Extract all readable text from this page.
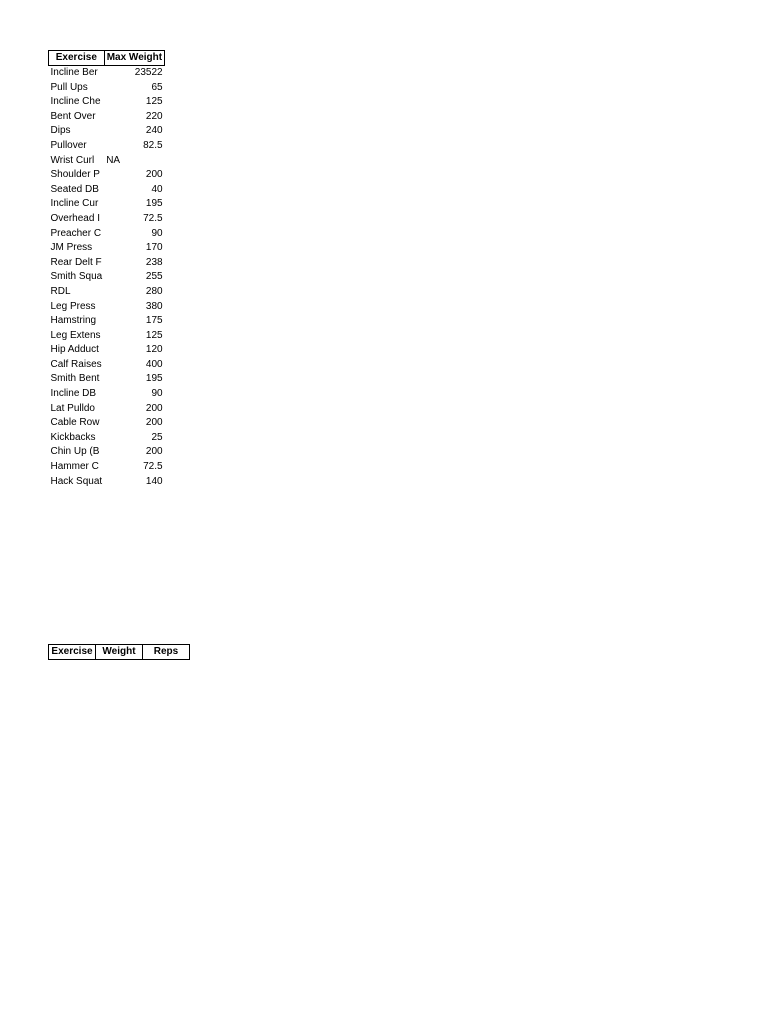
Exercise	Max Weight
Incline Ber	23522
Pull Ups	65
Incline Che	125
Bent Over	220
Dips	240
Pullover	82.5
Wrist Curl	NA
Shoulder P	200
Seated DB	40
Incline Cur	195
Overhead I	72.5
Preacher C	90
JM Press	170
Rear Delt F	238
Smith Squa	255
RDL	280
Leg Press	380
Hamstring	175
Leg Extens	125
Hip Adduct	120
Calf Raises	400
Smith Bent	195
Incline DB	90
Lat Pulldo	200
Cable Row	200
Kickbacks	25
Chin Up (B	200
Hammer C	72.5
Hack Squat	140
Exercise	Weight	Reps
